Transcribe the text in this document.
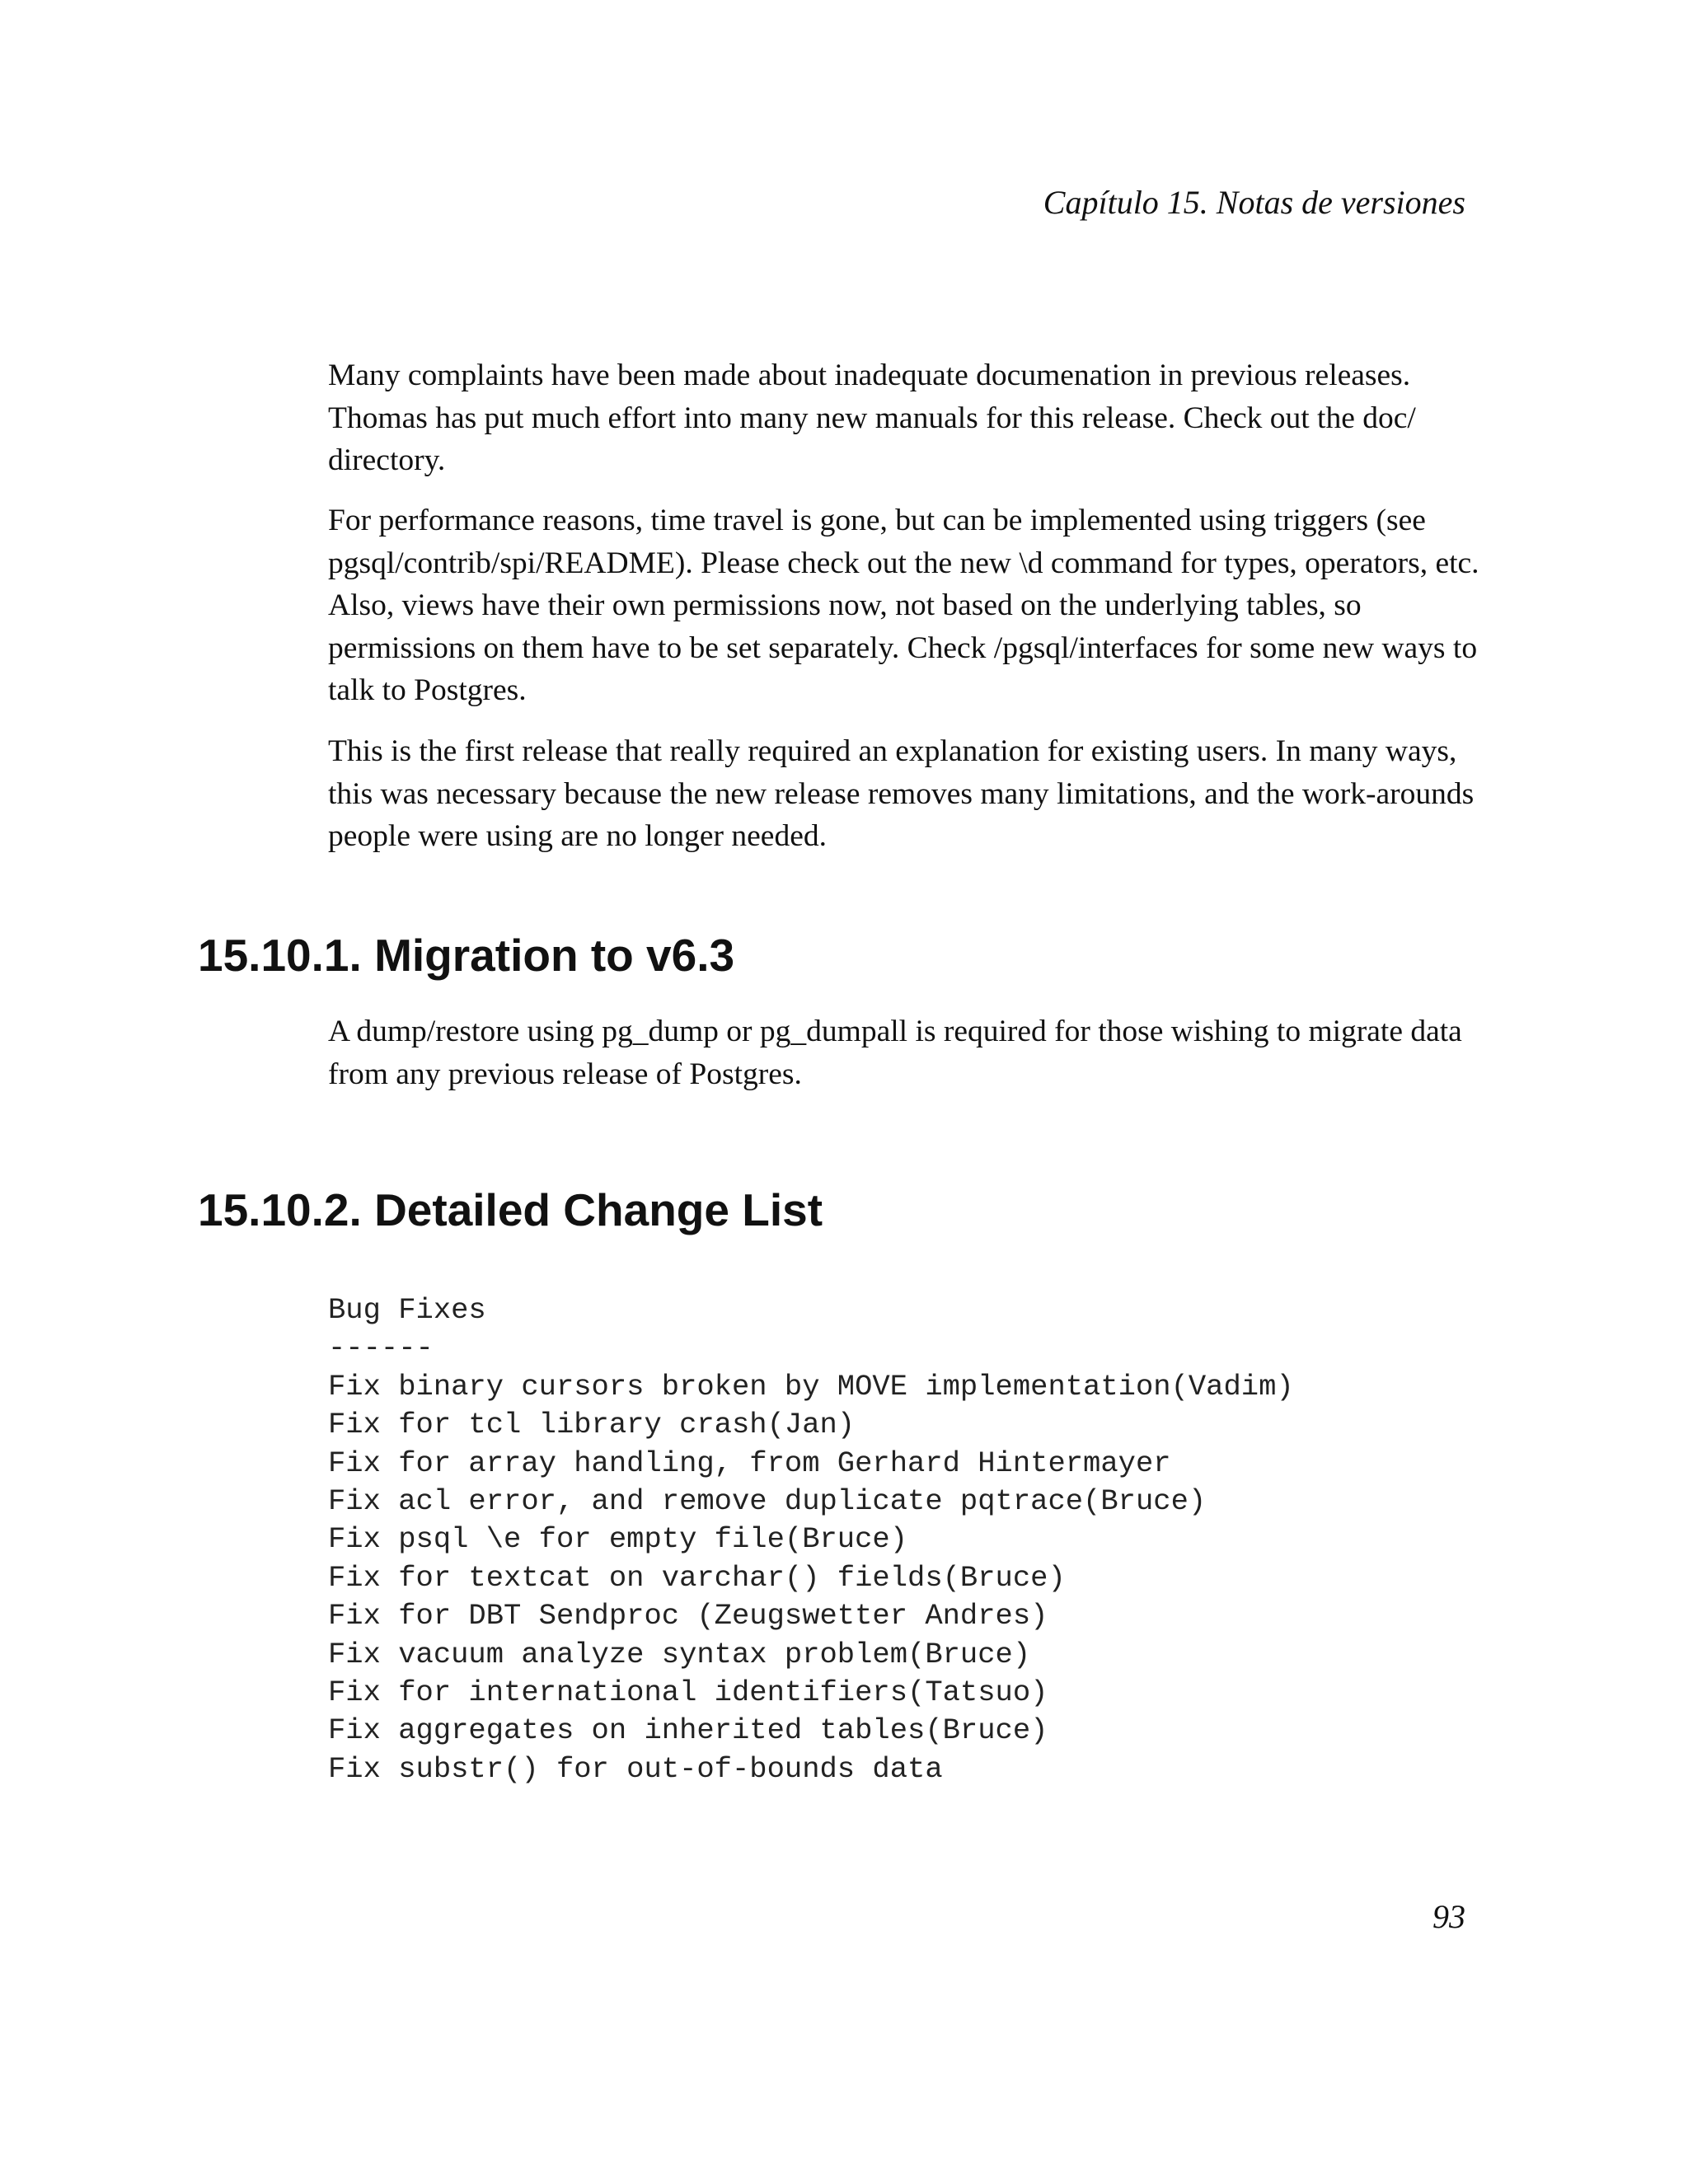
Capítulo 15. Notas de versiones

Many complaints have been made about inadequate documenation in previous releases. Thomas has put much effort into many new manuals for this release. Check out the doc/ directory.

For performance reasons, time travel is gone, but can be implemented using triggers (see pgsql/contrib/spi/README). Please check out the new \d command for types, operators, etc. Also, views have their own permissions now, not based on the underlying tables, so permissions on them have to be set separately. Check /pgsql/interfaces for some new ways to talk to Postgres.

This is the first release that really required an explanation for existing users. In many ways, this was necessary because the new release removes many limitations, and the work-arounds people were using are no longer needed.

15.10.1. Migration to v6.3

A dump/restore using pg_dump or pg_dumpall is required for those wishing to migrate data from any previous release of Postgres.

15.10.2. Detailed Change List
Bug Fixes
------
Fix binary cursors broken by MOVE implementation(Vadim)
Fix for tcl library crash(Jan)
Fix for array handling, from Gerhard Hintermayer
Fix acl error, and remove duplicate pqtrace(Bruce)
Fix psql \e for empty file(Bruce)
Fix for textcat on varchar() fields(Bruce)
Fix for DBT Sendproc (Zeugswetter Andres)
Fix vacuum analyze syntax problem(Bruce)
Fix for international identifiers(Tatsuo)
Fix aggregates on inherited tables(Bruce)
Fix substr() for out-of-bounds data
93
